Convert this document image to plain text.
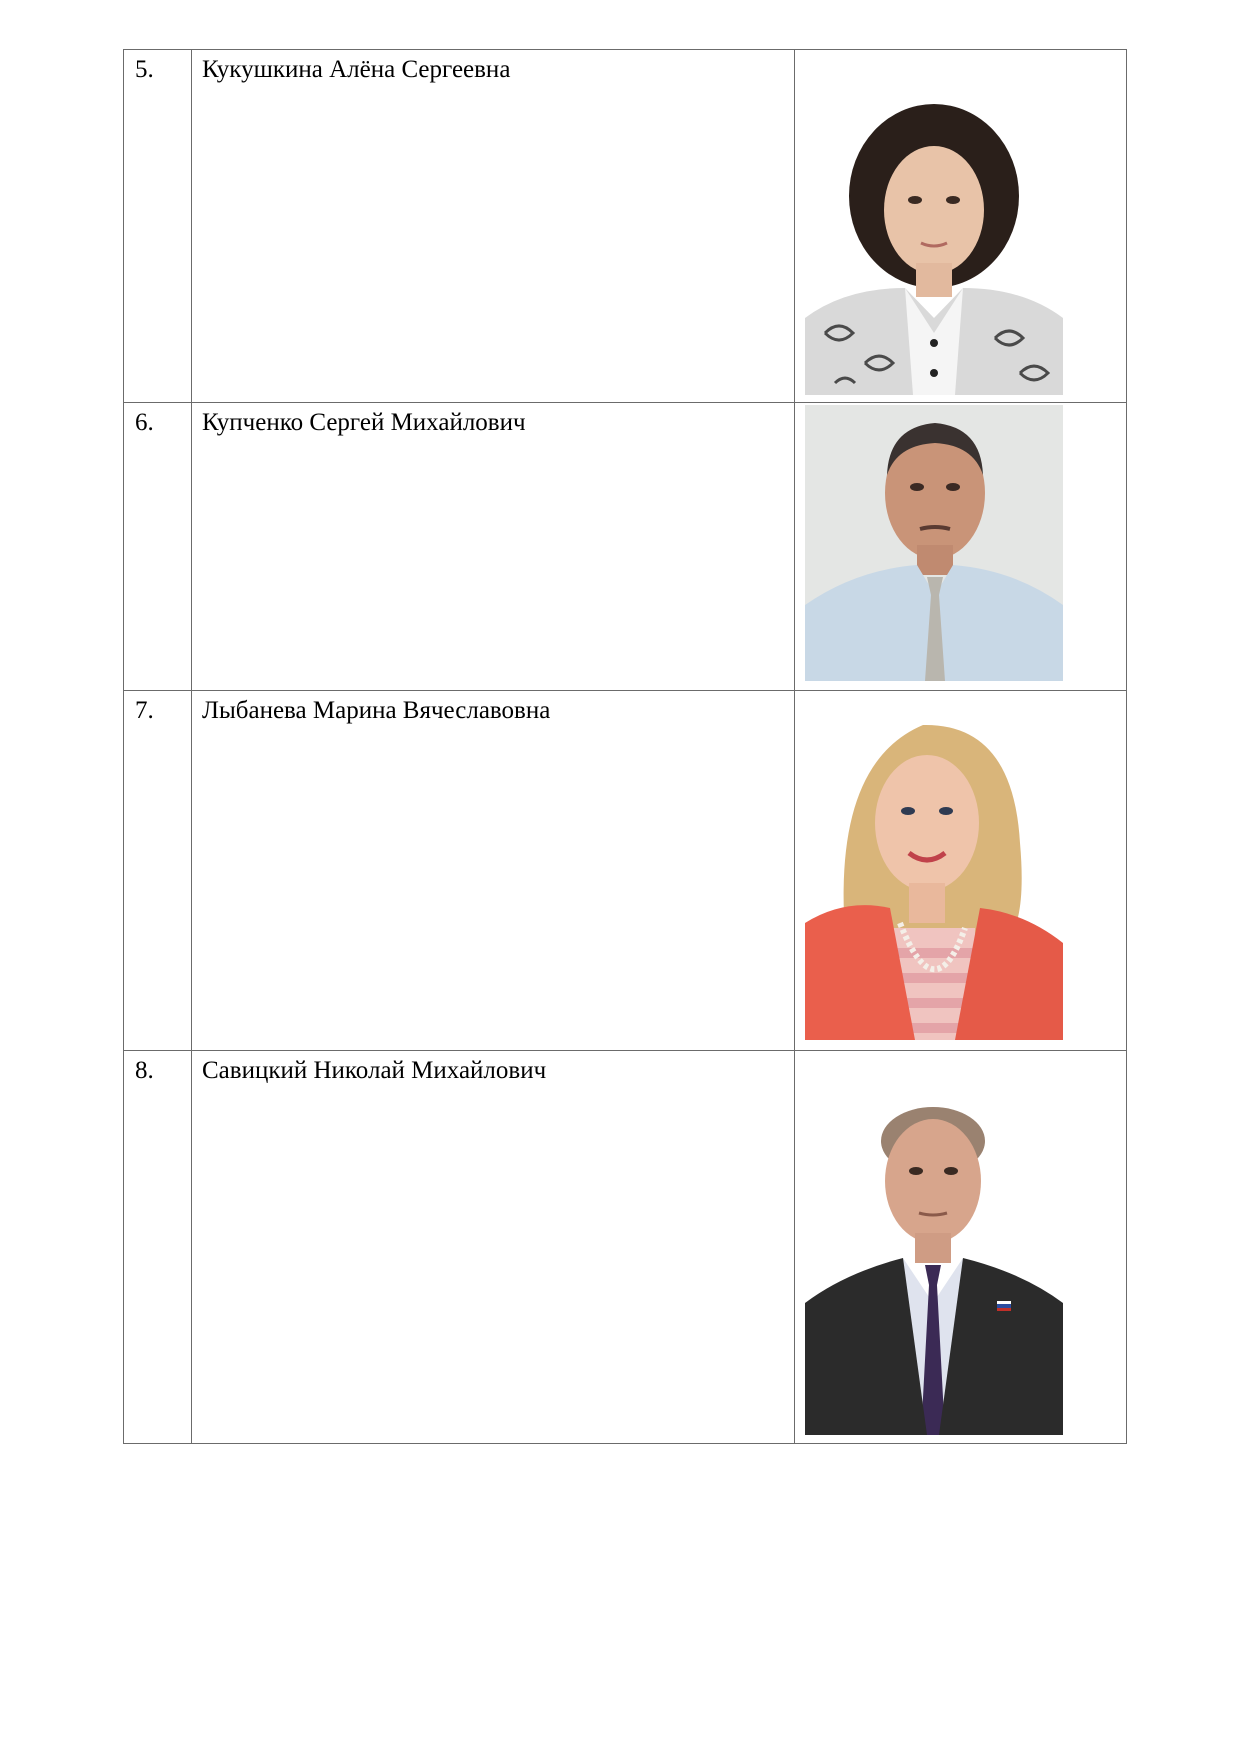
5.	Кукушкина Алёна Сергеевна	

6.	Купченко Сергей Михайлович	

7.	Лыбанева Марина Вячеславовна	

8.	Савицкий Николай Михайлович	
